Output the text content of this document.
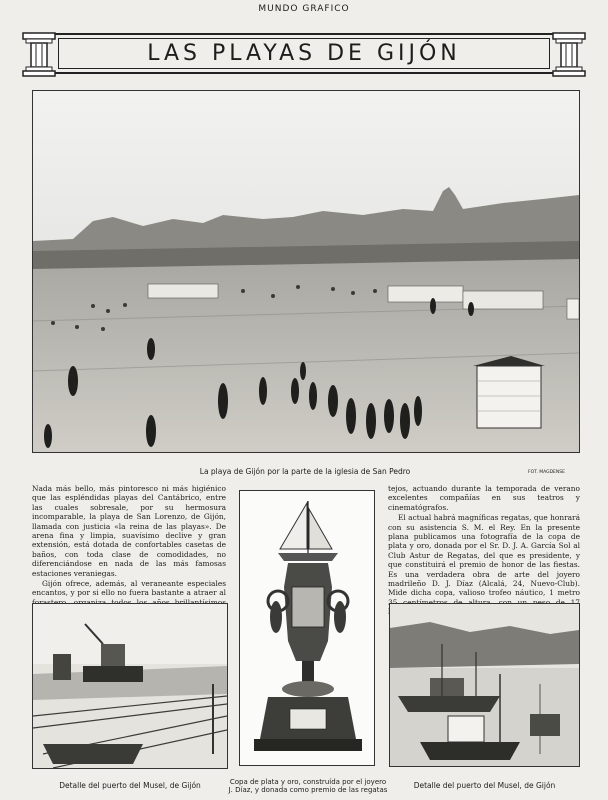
MUNDO GRAFICO
LAS PLAYAS DE GIJÓN
La playa de Gijón por la parte de la iglesia de San Pedro	FOT. MAGDENSE

Nada más bello, más pintoresco ni más higiénico que las espléndidas playas del Cantábrico, entre las cuales sobresale, por su hermosura incomparable, la playa de San Lorenzo, de Gijón, llamada con justicia «la reina de las playas». De arena fina y limpia, suavísimo declive y gran extensión, está dotada de confortables casetas de baños, con toda clase de comodidades, no diferenciándose en nada de las más famosas estaciones veraniegas.

Gijón ofrece, además, al veraneante especiales encantos, y por si ello no fuera bastante a atraer al

tejos, actuando durante la temporada de verano excelentes compañías en sus teatros y cinematógrafos.

El actual habrá magníficas regatas, que honrará con su asistencia S. M. el Rey. En la presente plana publicamos una fotografía de la copa de plata y oro, donada por el Sr. D. J. A. García Sol al Club Astur de Regatas, del que es presidente, y que constituirá el premio de honor de las fiestas. Es una verdadera obra de arte del joyero madrileño D. J. Díaz (Alcalá, 24, Nuevo-Club). Mide dicha copa, valioso trofeo náutico, 1 metro

Detalle del puerto del Musel, de Gijón	Copa de plata y oro, construída por el joyero J. Díaz, y donada como premio de las regatas	Detalle del puerto del Musel, de Gijón
